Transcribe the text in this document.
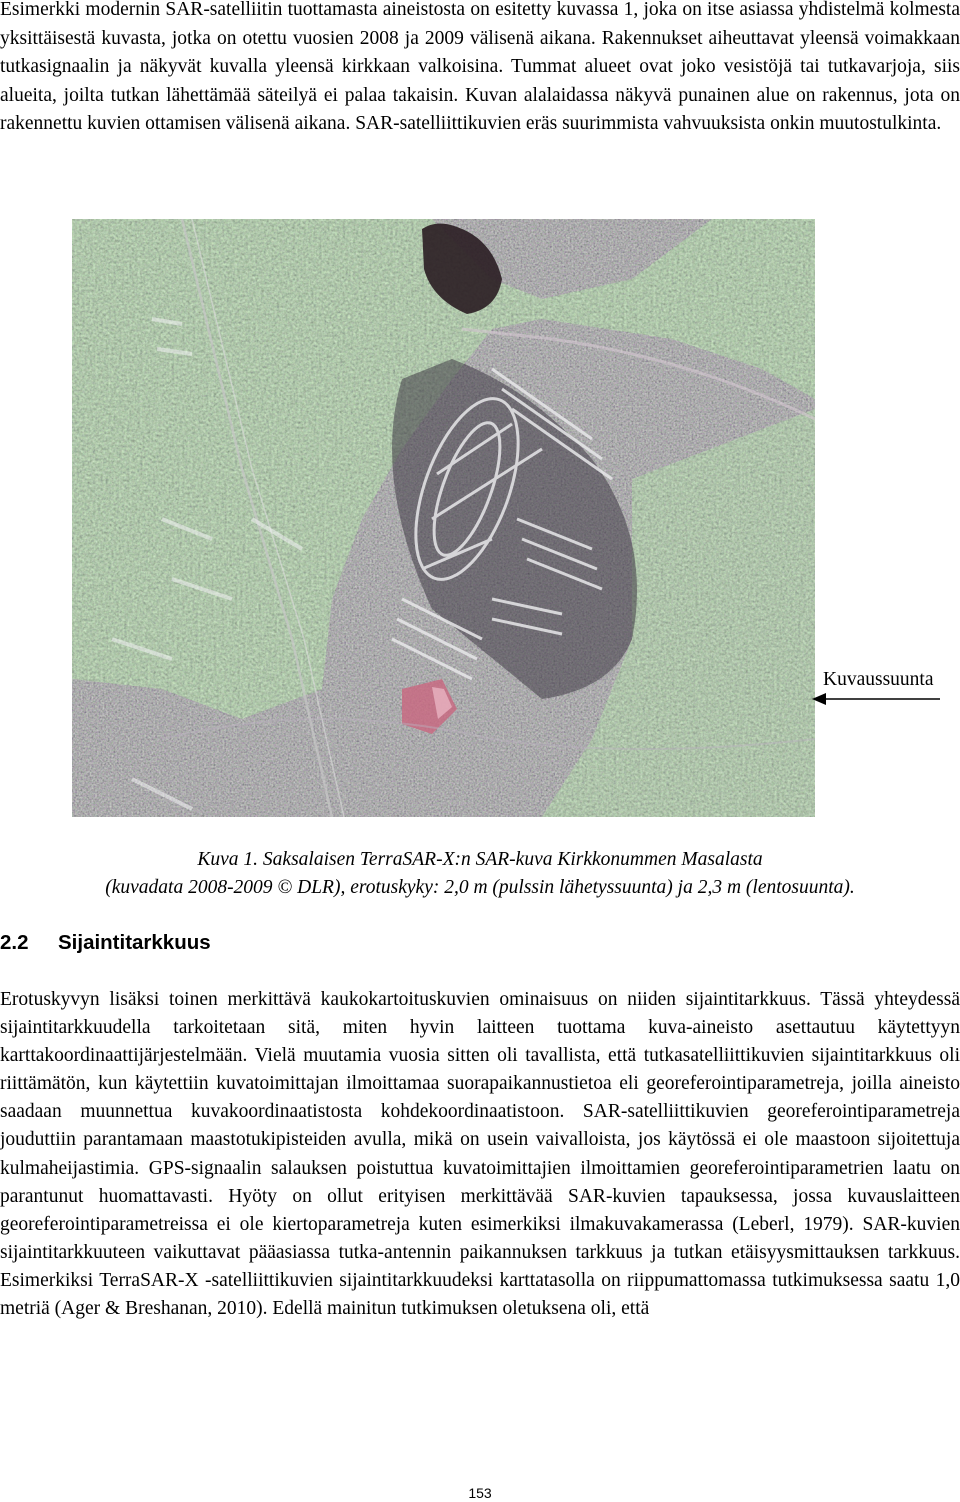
Esimerkki modernin SAR-satelliitin tuottamasta aineistosta on esitetty kuvassa 1, joka on itse asiassa yhdistelmä kolmesta yksittäisestä kuvasta, jotka on otettu vuosien 2008 ja 2009 välisenä aikana. Rakennukset aiheuttavat yleensä voimakkaan tutkasignaalin ja näkyvät kuvalla yleensä kirkkaan valkoisina. Tummat alueet ovat joko vesistöjä tai tutkavarjoja, siis alueita, joilta tutkan lähettämää säteilyä ei palaa takaisin. Kuvan alalaidassa näkyvä punainen alue on rakennus, jota on rakennettu kuvien ottamisen välisenä aikana. SAR-satelliittikuvien eräs suurimmista vahvuuksista onkin muutostulkinta.
Kuvaussuunta
Kuva 1. Saksalaisen TerraSAR-X:n SAR-kuva Kirkkonummen Masalasta
(kuvadata 2008-2009 © DLR), erotuskyky: 2,0 m (pulssin lähetyssuunta) ja 2,3 m (lentosuunta).
2.2 Sijaintitarkkuus
Erotuskyvyn lisäksi toinen merkittävä kaukokartoituskuvien ominaisuus on niiden sijaintitarkkuus. Tässä yhteydessä sijaintitarkkuudella tarkoitetaan sitä, miten hyvin laitteen tuottama kuva-aineisto asettautuu käytettyyn karttakoordinaattijärjestelmään. Vielä muutamia vuosia sitten oli tavallista, että tutkasatelliittikuvien sijaintitarkkuus oli riittämätön, kun käytettiin kuvatoimittajan ilmoittamaa suorapaikannustietoa eli georeferointiparametreja, joilla aineisto saadaan muunnettua kuvakoordinaatistosta kohdekoordinaatistoon. SAR-satelliittikuvien georeferointiparametreja jouduttiin parantamaan maastotukipisteiden avulla, mikä on usein vaivalloista, jos käytössä ei ole maastoon sijoitettuja kulmaheijastimia. GPS-signaalin salauksen poistuttua kuvatoimittajien ilmoittamien georeferointiparametrien laatu on parantunut huomattavasti. Hyöty on ollut erityisen merkittävää SAR-kuvien tapauksessa, jossa kuvauslaitteen georeferointiparametreissa ei ole kiertoparametreja kuten esimerkiksi ilmakuvakamerassa (Leberl, 1979). SAR-kuvien sijaintitarkkuuteen vaikuttavat pääasiassa tutka-antennin paikannuksen tarkkuus ja tutkan etäisyysmittauksen tarkkuus. Esimerkiksi TerraSAR-X -satelliittikuvien sijaintitarkkuudeksi karttatasolla on riippumattomassa tutkimuksessa saatu 1,0 metriä (Ager & Breshanan, 2010). Edellä mainitun tutkimuksen oletuksena oli, että
153
